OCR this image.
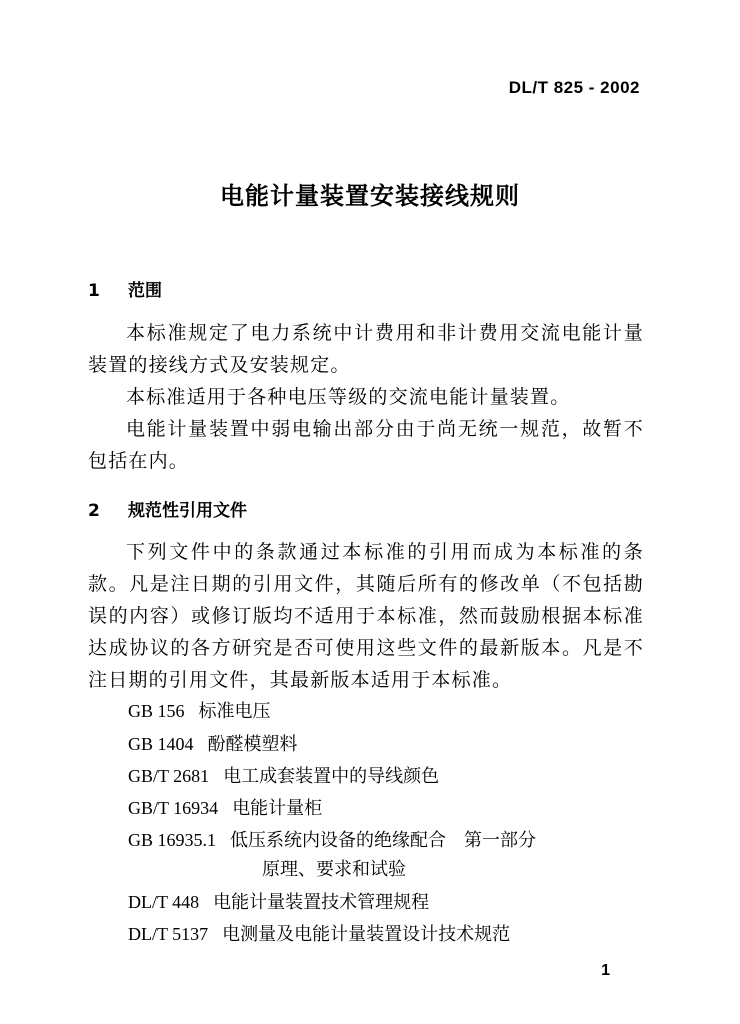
DL/T 825 - 2002
电能计量装置安装接线规则
1 范围
本标准规定了电力系统中计费用和非计费用交流电能计量装置的接线方式及安装规定。
本标准适用于各种电压等级的交流电能计量装置。
电能计量装置中弱电输出部分由于尚无统一规范，故暂不包括在内。
2 规范性引用文件
下列文件中的条款通过本标准的引用而成为本标准的条款。凡是注日期的引用文件，其随后所有的修改单（不包括勘误的内容）或修订版均不适用于本标准，然而鼓励根据本标准达成协议的各方研究是否可使用这些文件的最新版本。凡是不注日期的引用文件，其最新版本适用于本标准。
GB 156 标准电压
GB 1404 酚醛模塑料
GB/T 2681 电工成套装置中的导线颜色
GB/T 16934 电能计量柜
GB 16935.1 低压系统内设备的绝缘配合　第一部分
原理、要求和试验
DL/T 448 电能计量装置技术管理规程
DL/T 5137 电测量及电能计量装置设计技术规范
1
